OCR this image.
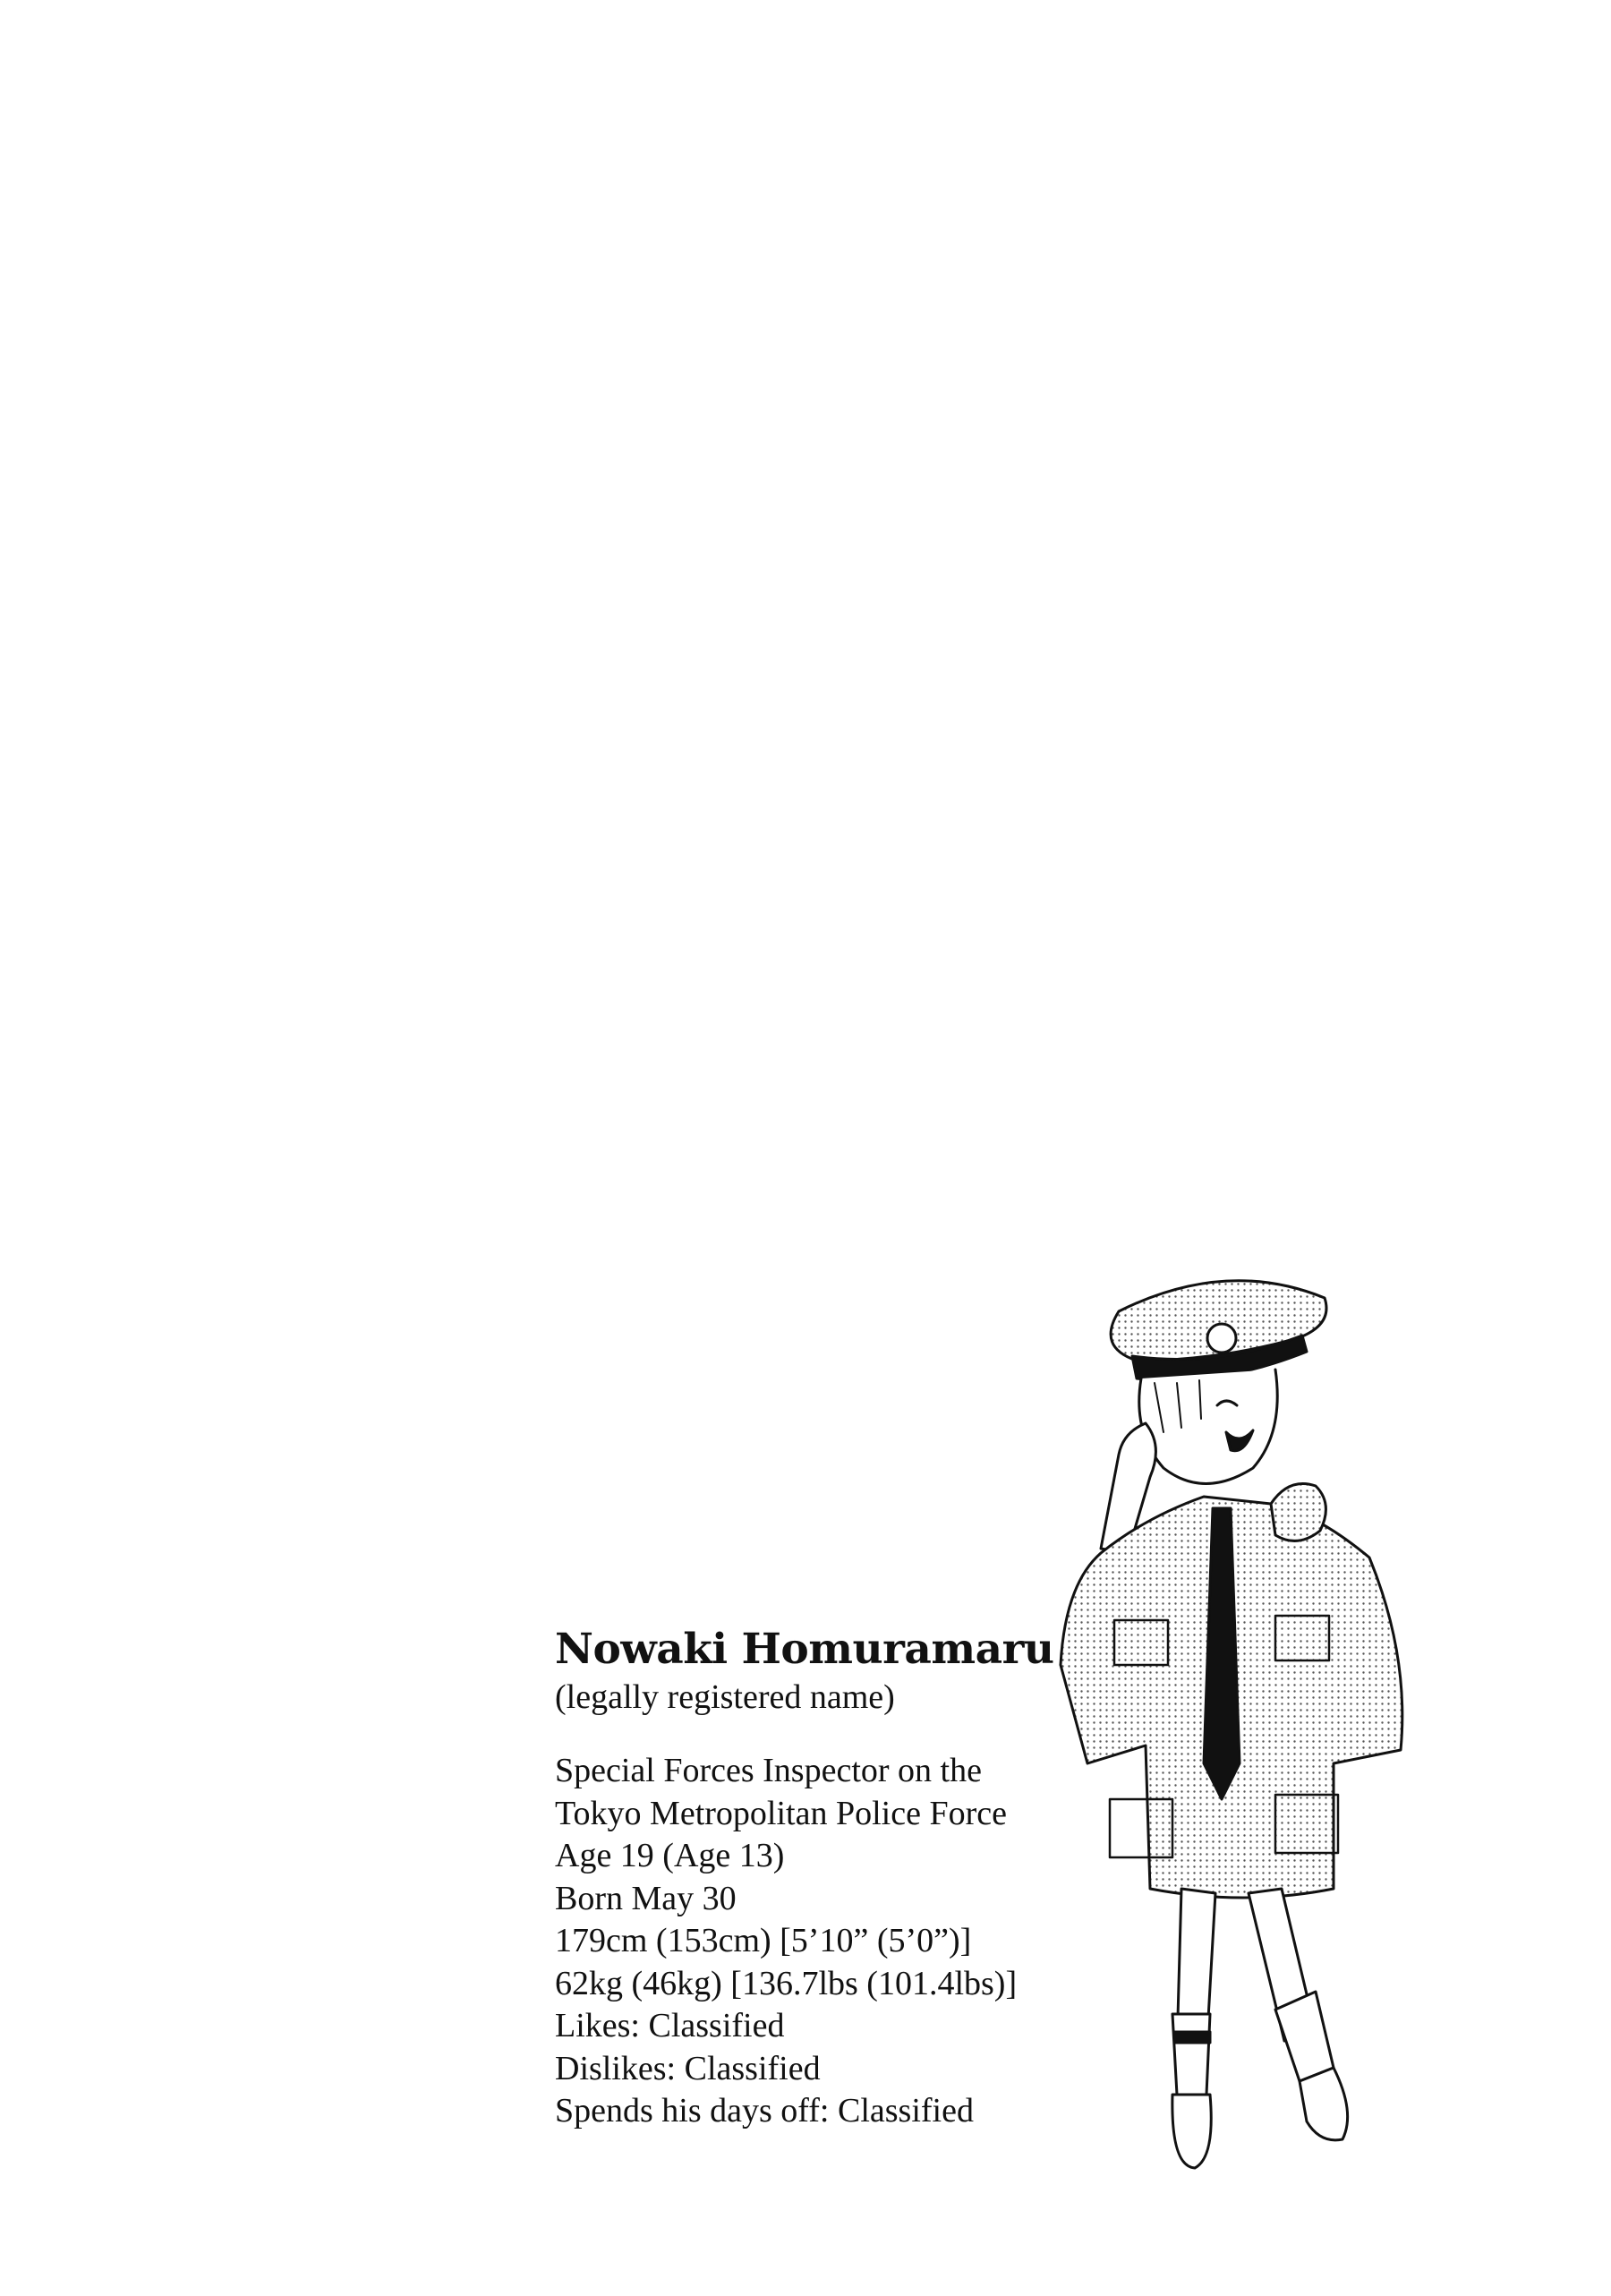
Nowaki Homuramaru

(legally registered name)

Special Forces Inspector on the
Tokyo Metropolitan Police Force
Age 19 (Age 13)
Born May 30
179cm (153cm) [5’10” (5’0”)]
62kg (46kg) [136.7lbs (101.4lbs)]
Likes: Classified
Dislikes: Classified
Spends his days off: Classified
